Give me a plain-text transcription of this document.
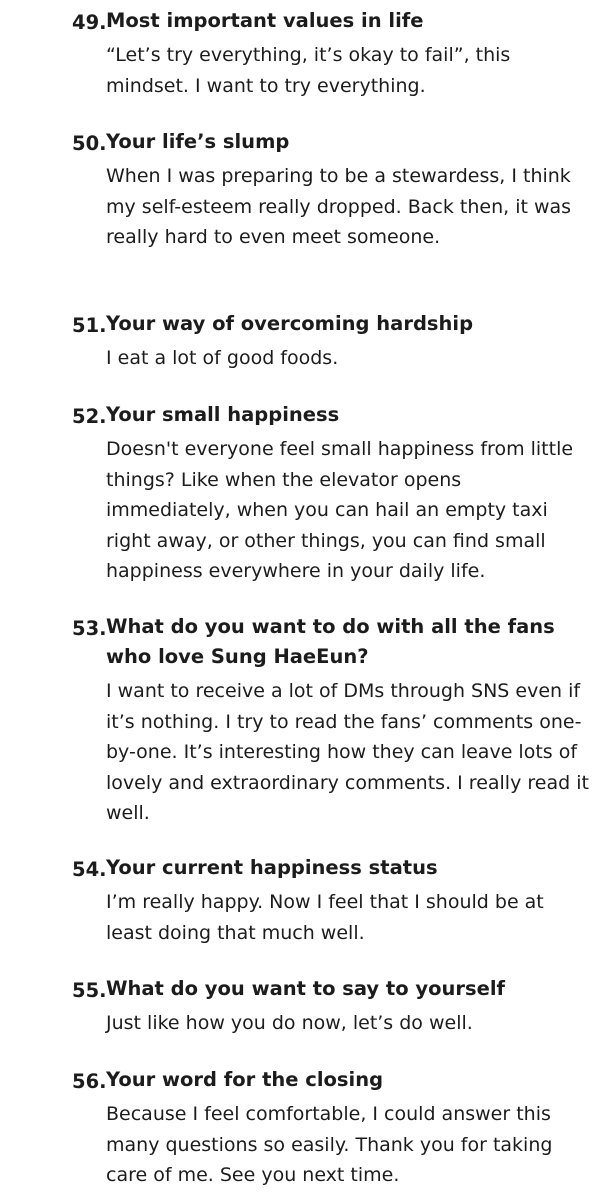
49. Most important values in life

“Let’s try everything, it’s okay to fail”, this mindset. I want to try everything.

50. Your life’s slump

When I was preparing to be a stewardess, I think my self-esteem really dropped. Back then, it was really hard to even meet someone.

51. Your way of overcoming hardship

I eat a lot of good foods.

52. Your small happiness

Doesn't everyone feel small happiness from little things? Like when the elevator opens immediately, when you can hail an empty taxi right away, or other things, you can find small happiness everywhere in your daily life.

53. What do you want to do with all the fans who love Sung HaeEun?

I want to receive a lot of DMs through SNS even if it’s nothing. I try to read the fans’ comments one-by-one. It’s interesting how they can leave lots of lovely and extraordinary comments. I really read it well.

54. Your current happiness status

I’m really happy. Now I feel that I should be at least doing that much well.

55. What do you want to say to yourself

Just like how you do now, let’s do well.

56. Your word for the closing

Because I feel comfortable, I could answer this many questions so easily. Thank you for taking care of me. See you next time.
